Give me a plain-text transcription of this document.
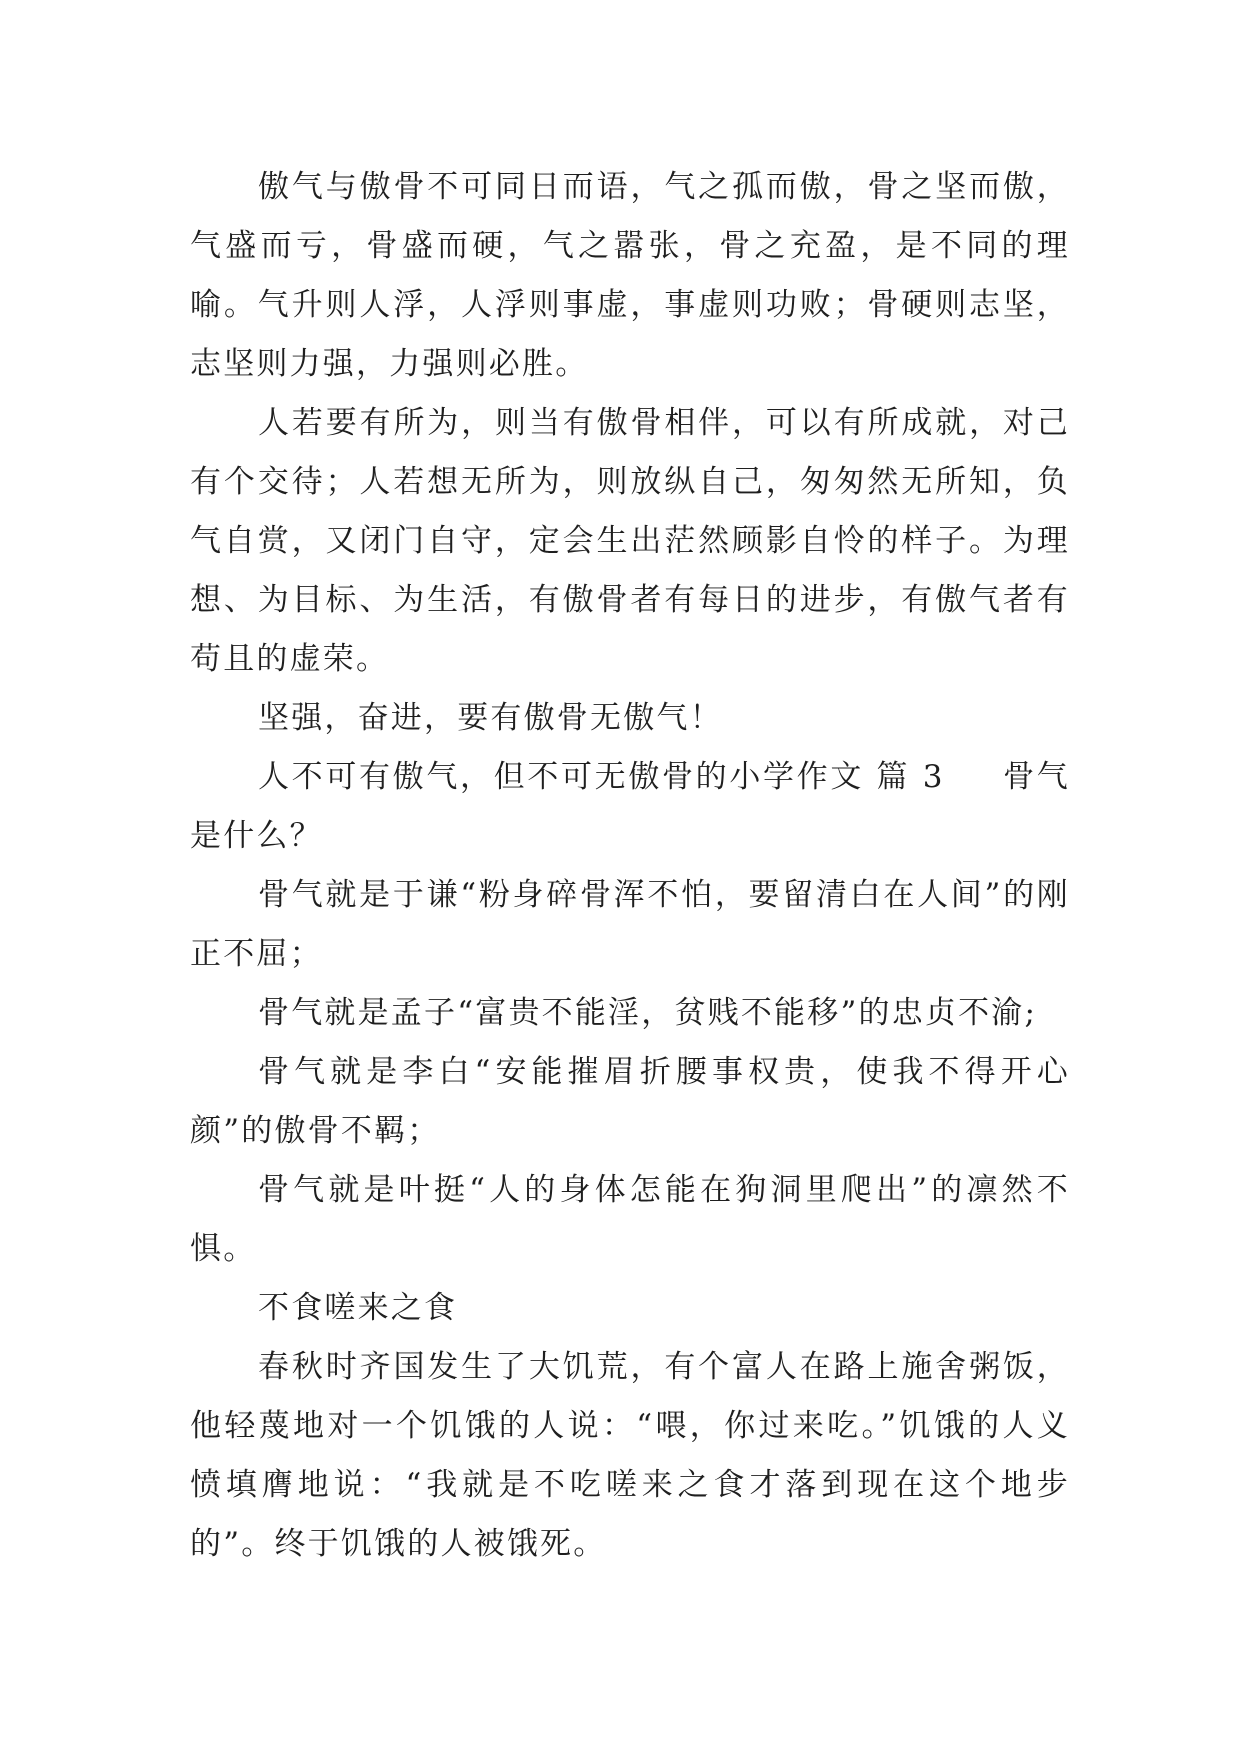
傲气与傲骨不可同日而语，气之孤而傲，骨之坚而傲，气盛而亏，骨盛而硬，气之嚣张，骨之充盈，是不同的理喻。气升则人浮，人浮则事虚，事虚则功败；骨硬则志坚，志坚则力强，力强则必胜。

人若要有所为，则当有傲骨相伴，可以有所成就，对己有个交待；人若想无所为，则放纵自己，匆匆然无所知，负气自赏，又闭门自守，定会生出茫然顾影自怜的样子。为理想、为目标、为生活，有傲骨者有每日的进步，有傲气者有苟且的虚荣。

坚强，奋进，要有傲骨无傲气！

人不可有傲气，但不可无傲骨的小学作文 篇 3 骨气是什么？

骨气就是于谦“粉身碎骨浑不怕，要留清白在人间”的刚正不屈；

骨气就是孟子“富贵不能淫，贫贱不能移”的忠贞不渝;

骨气就是李白“安能摧眉折腰事权贵，使我不得开心颜”的傲骨不羁；

骨气就是叶挺“人的身体怎能在狗洞里爬出”的凛然不惧。

不食嗟来之食

春秋时齐国发生了大饥荒，有个富人在路上施舍粥饭，他轻蔑地对一个饥饿的人说：“喂，你过来吃。”饥饿的人义愤填膺地说：“我就是不吃嗟来之食才落到现在这个地步的”。终于饥饿的人被饿死。
